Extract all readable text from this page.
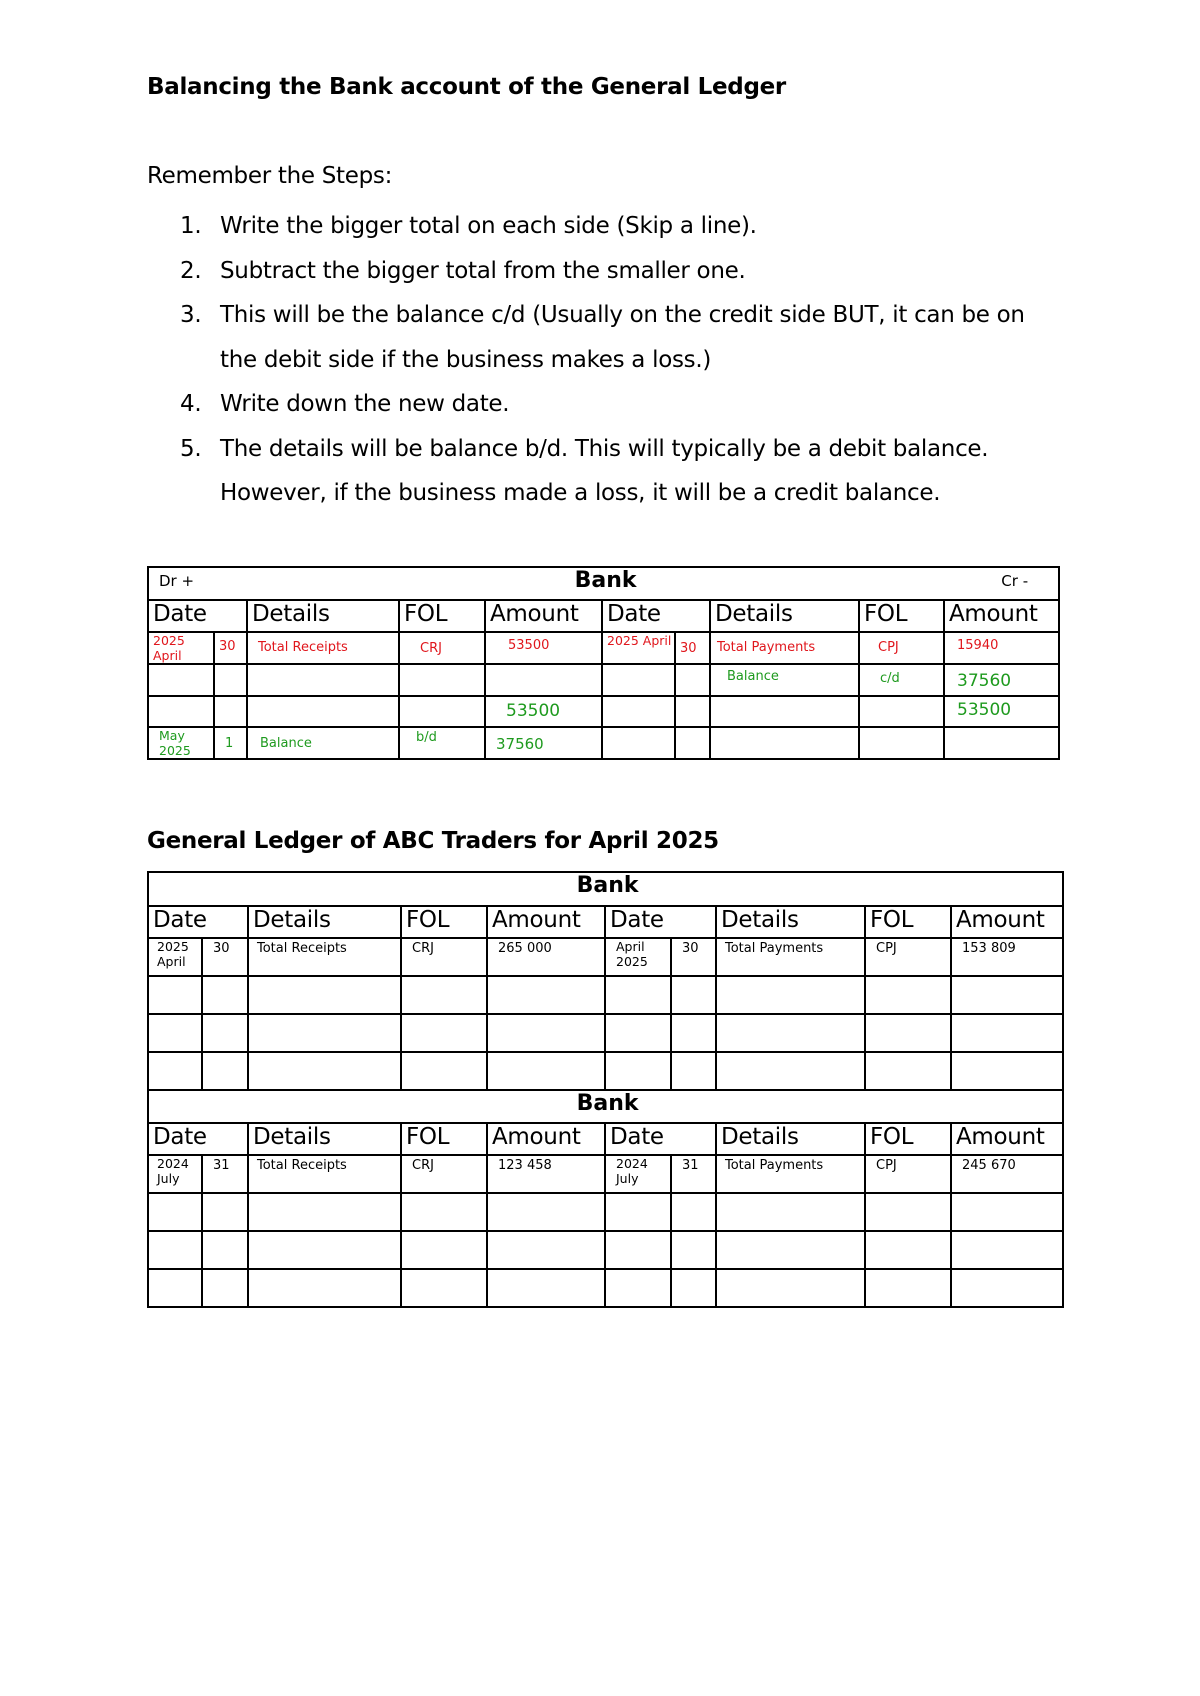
Balancing the Bank account of the General Ledger
Remember the Steps:
1. Write the bigger total on each side (Skip a line).
2. Subtract the bigger total from the smaller one.
3. This will be the balance c/d (Usually on the credit side BUT, it can be on
the debit side if the business makes a loss.)
4. Write down the new date.
5. The details will be balance b/d. This will typically be a debit balance.
However, if the business made a loss, it will be a credit balance.
Dr + Bank Cr -									

Date		Details	FOL	Amount	Date		Details	FOL	Amount
2025 April	30	Total Receipts	CRJ	53500	2025 April	30	Total Payments	CPJ	15940
							Balance	c/d	37560
				53500					53500
May 2025	1	Balance	b/d	37560					
General Ledger of ABC Traders for April 2025
Bank									
Date		Details	FOL	Amount	Date		Details	FOL	Amount
2025 April	30	Total Receipts	CRJ	265 000	April 2025	30	Total Payments	CPJ	153 809

Bank									
Date		Details	FOL	Amount	Date		Details	FOL	Amount
2024 July	31	Total Receipts	CRJ	123 458	2024 July	31	Total Payments	CPJ	245 670
